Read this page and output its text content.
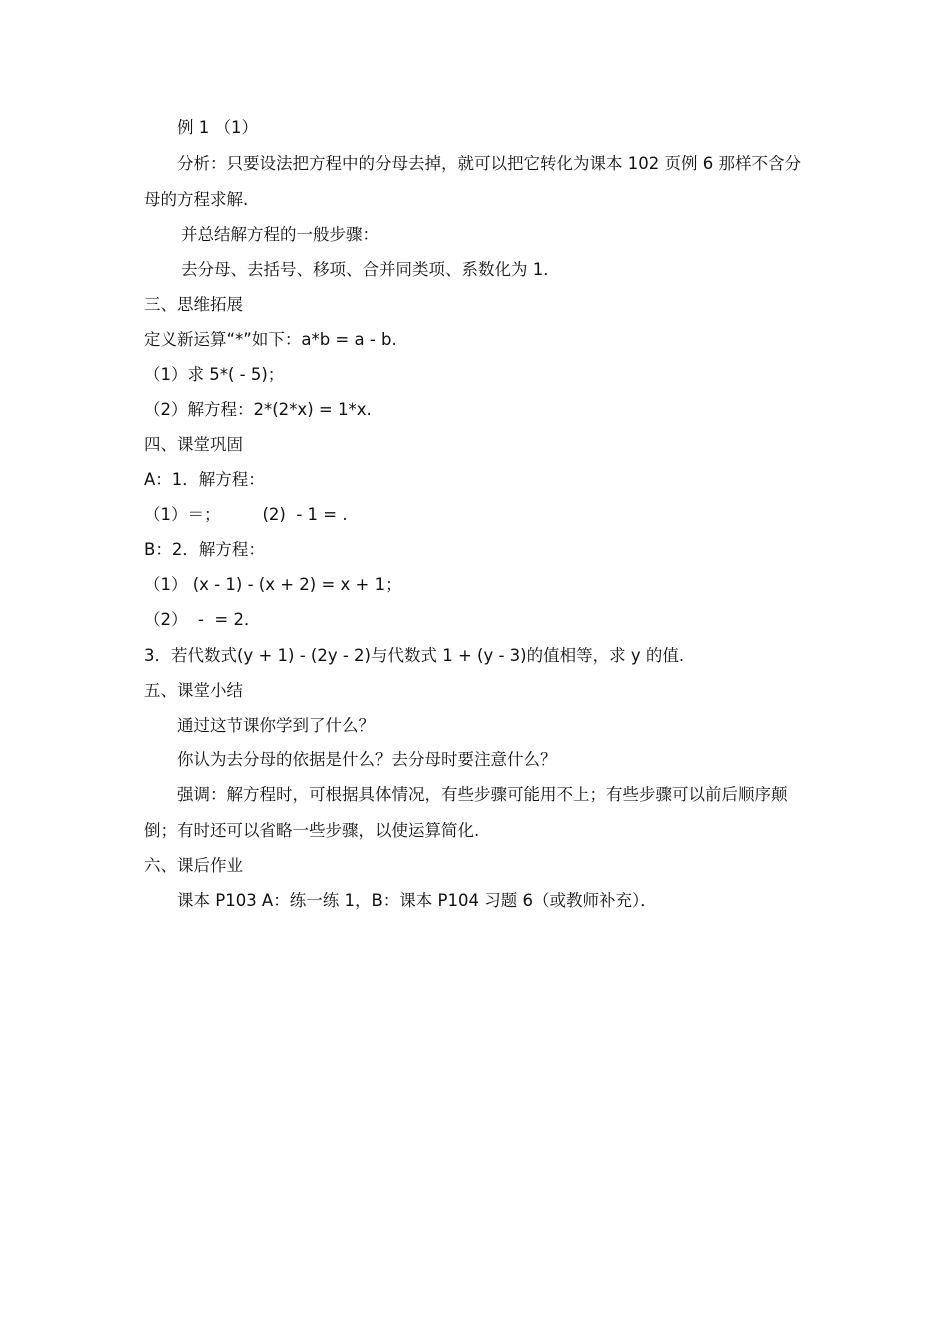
例 1 （1）
分析：只要设法把方程中的分母去掉，就可以把它转化为课本 102 页例 6 那样不含分
母的方程求解.
并总结解方程的一般步骤：
去分母、去括号、移项、合并同类项、系数化为 1．
三、思维拓展
定义新运算“*”如下：a*b = a - b.
（1）求 5*( - 5)；
（2）解方程：2*(2*x) = 1*x.
四、课堂巩固
A：1．解方程：
（1）＝；        (2)  - 1 = .
B：2．解方程：
（1） (x - 1) - (x + 2) = x + 1；
（2）  -  = 2．
3．若代数式(y + 1) - (2y - 2)与代数式 1 + (y - 3)的值相等，求 y 的值.
五、课堂小结
通过这节课你学到了什么？
你认为去分母的依据是什么？去分母时要注意什么？
强调：解方程时，可根据具体情况，有些步骤可能用不上；有些步骤可以前后顺序颠
倒；有时还可以省略一些步骤，以使运算简化.
六、课后作业
课本 P103 A：练一练 1，B：课本 P104 习题 6（或教师补充）．
